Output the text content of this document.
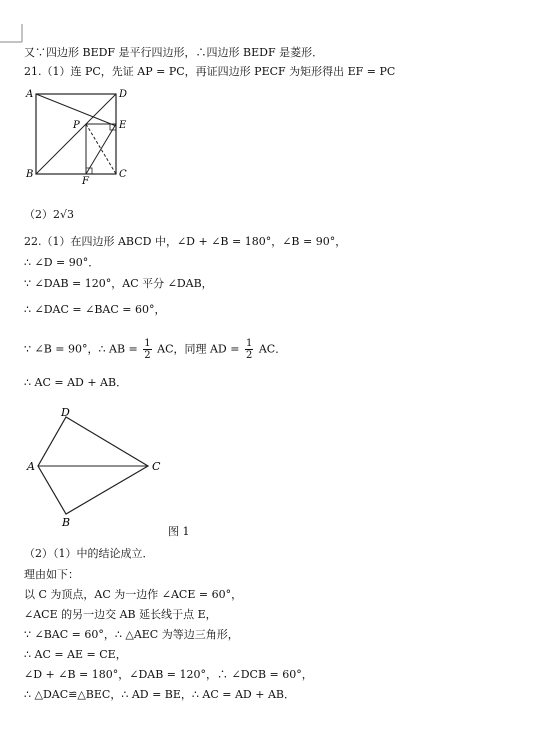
又∵四边形 BEDF 是平行四边形，∴四边形 BEDF 是菱形．
21.（1）连 PC，先证 AP = PC，再证四边形 PECF 为矩形得出 EF = PC
A	D
P	E
B
F
C
（2）2√3
22.（1）在四边形 ABCD 中，∠D + ∠B = 180°，∠B = 90°，
∴ ∠D = 90°．
∵ ∠DAB = 120°，AC 平分 ∠DAB，
∴ ∠DAC = ∠BAC = 60°，
∵ ∠B = 90°，∴ AB = $\frac{1}{2}$ AC，同理 AD = $\frac{1}{2}$ AC．
∴ AC = AD + AB．
D
A	C
B
图 1
（2）（1）中的结论成立．
理由如下：
以 C 为顶点，AC 为一边作 ∠ACE = 60°，
∠ACE 的另一边交 AB 延长线于点 E，
∵ ∠BAC = 60°，∴ △AEC 为等边三角形，
∴ AC = AE = CE，
∠D + ∠B = 180°，∠DAB = 120°，∴ ∠DCB = 60°，
∴ △DAC≌△BEC，∴ AD = BE，∴ AC = AD + AB．
